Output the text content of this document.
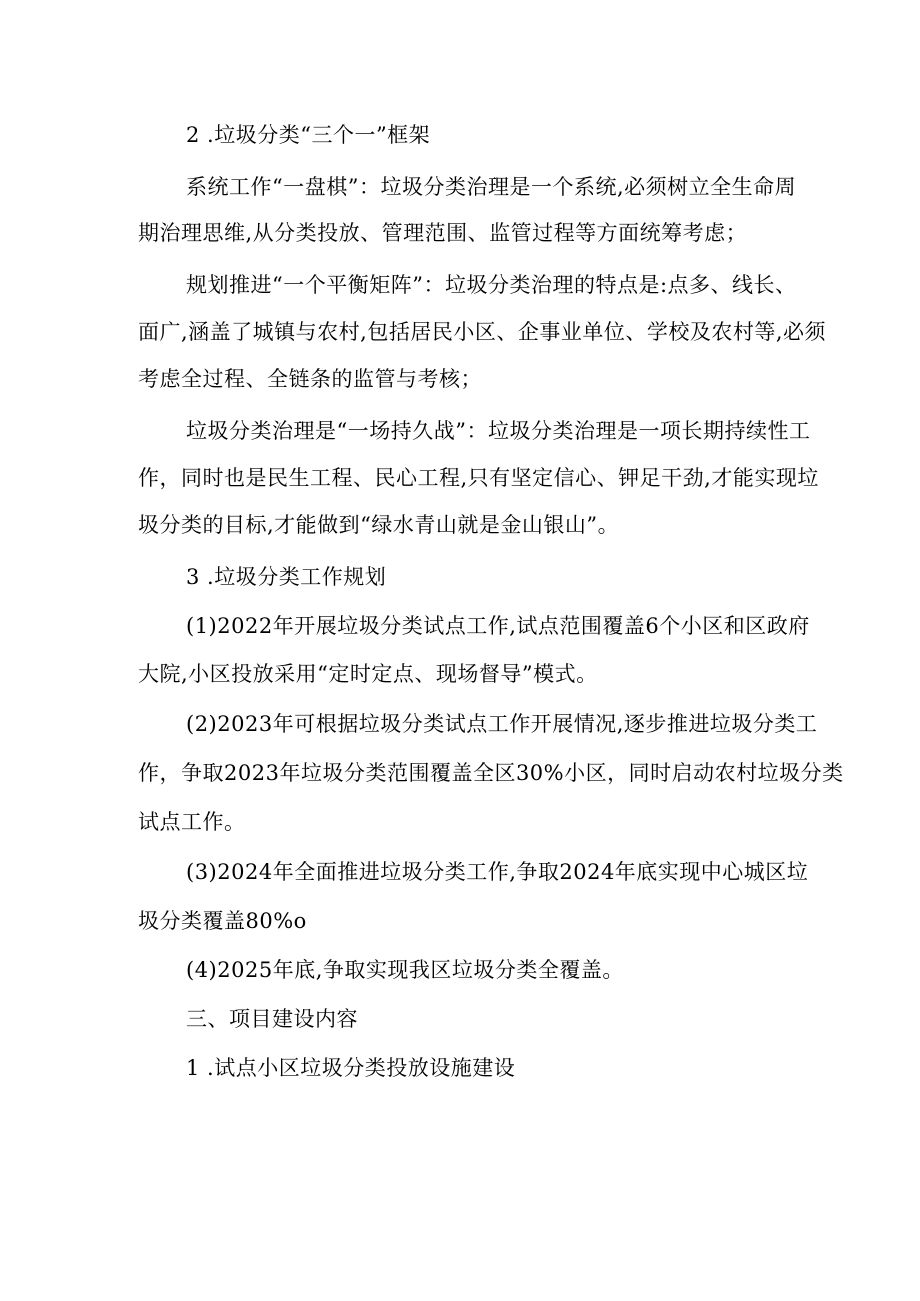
2 .垃圾分类“三个一”框架
系统工作“一盘棋”：垃圾分类治理是一个系统,必须树立全生命周
期治理思维,从分类投放、管理范围、监管过程等方面统筹考虑；
规划推进“一个平衡矩阵”：垃圾分类治理的特点是:点多、线长、
面广,涵盖了城镇与农村,包括居民小区、企事业单位、学校及农村等,必须
考虑全过程、全链条的监管与考核；
垃圾分类治理是“一场持久战”：垃圾分类治理是一项长期持续性工
作，同时也是民生工程、民心工程,只有坚定信心、钾足干劲,才能实现垃
圾分类的目标,才能做到“绿水青山就是金山银山”。
3 .垃圾分类工作规划
(1)2022年开展垃圾分类试点工作,试点范围覆盖6个小区和区政府
大院,小区投放采用“定时定点、现场督导”模式。
(2)2023年可根据垃圾分类试点工作开展情况,逐步推进垃圾分类工
作，争取2023年垃圾分类范围覆盖全区30%小区，同时启动农村垃圾分类
试点工作。
(3)2024年全面推进垃圾分类工作,争取2024年底实现中心城区垃
圾分类覆盖80%o
(4)2025年底,争取实现我区垃圾分类全覆盖。
三、项目建设内容
1 .试点小区垃圾分类投放设施建设
